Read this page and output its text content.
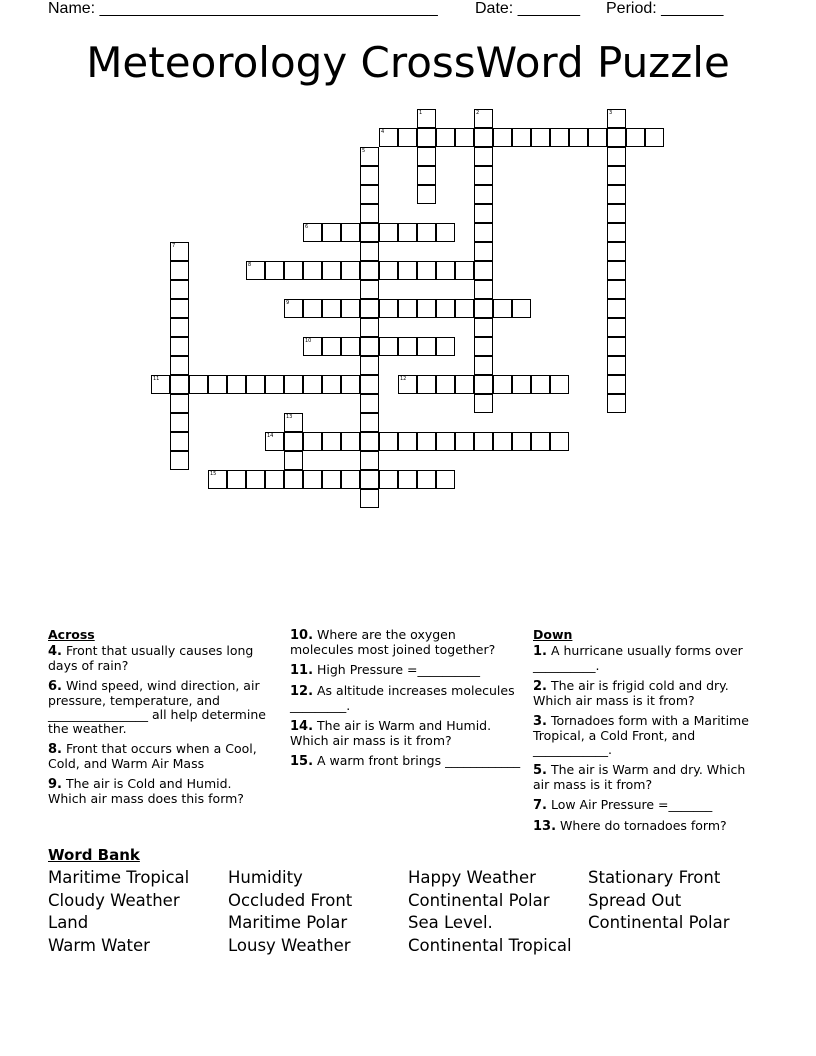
Name: ______________________________________ Date: _______ Period: _______
Meteorology CrossWord Puzzle
1	2	3
4
5
6
7
8
9
10
11	12
13
14
15
Across
4. Front that usually causes long days of rain?
6. Wind speed, wind direction, air pressure, temperature, and ________________ all help determine the weather.
8. Front that occurs when a Cool, Cold, and Warm Air Mass
9. The air is Cold and Humid. Which air mass does this form?
10. Where are the oxygen molecules most joined together?
11. High Pressure =__________
12. As altitude increases molecules _________.
14. The air is Warm and Humid. Which air mass is it from?
15. A warm front brings ____________
Down
1. A hurricane usually forms over __________.
2. The air is frigid cold and dry. Which air mass is it from?
3. Tornadoes form with a Maritime Tropical, a Cold Front, and ____________.
5. The air is Warm and dry. Which air mass is it from?
7. Low Air Pressure =_______
13. Where do tornadoes form?
Word Bank
Maritime Tropical
Cloudy Weather
Land
Warm Water
Humidity
Occluded Front
Maritime Polar
Lousy Weather
Happy Weather
Continental Polar
Sea Level.
Continental Tropical
Stationary Front
Spread Out
Continental Polar
